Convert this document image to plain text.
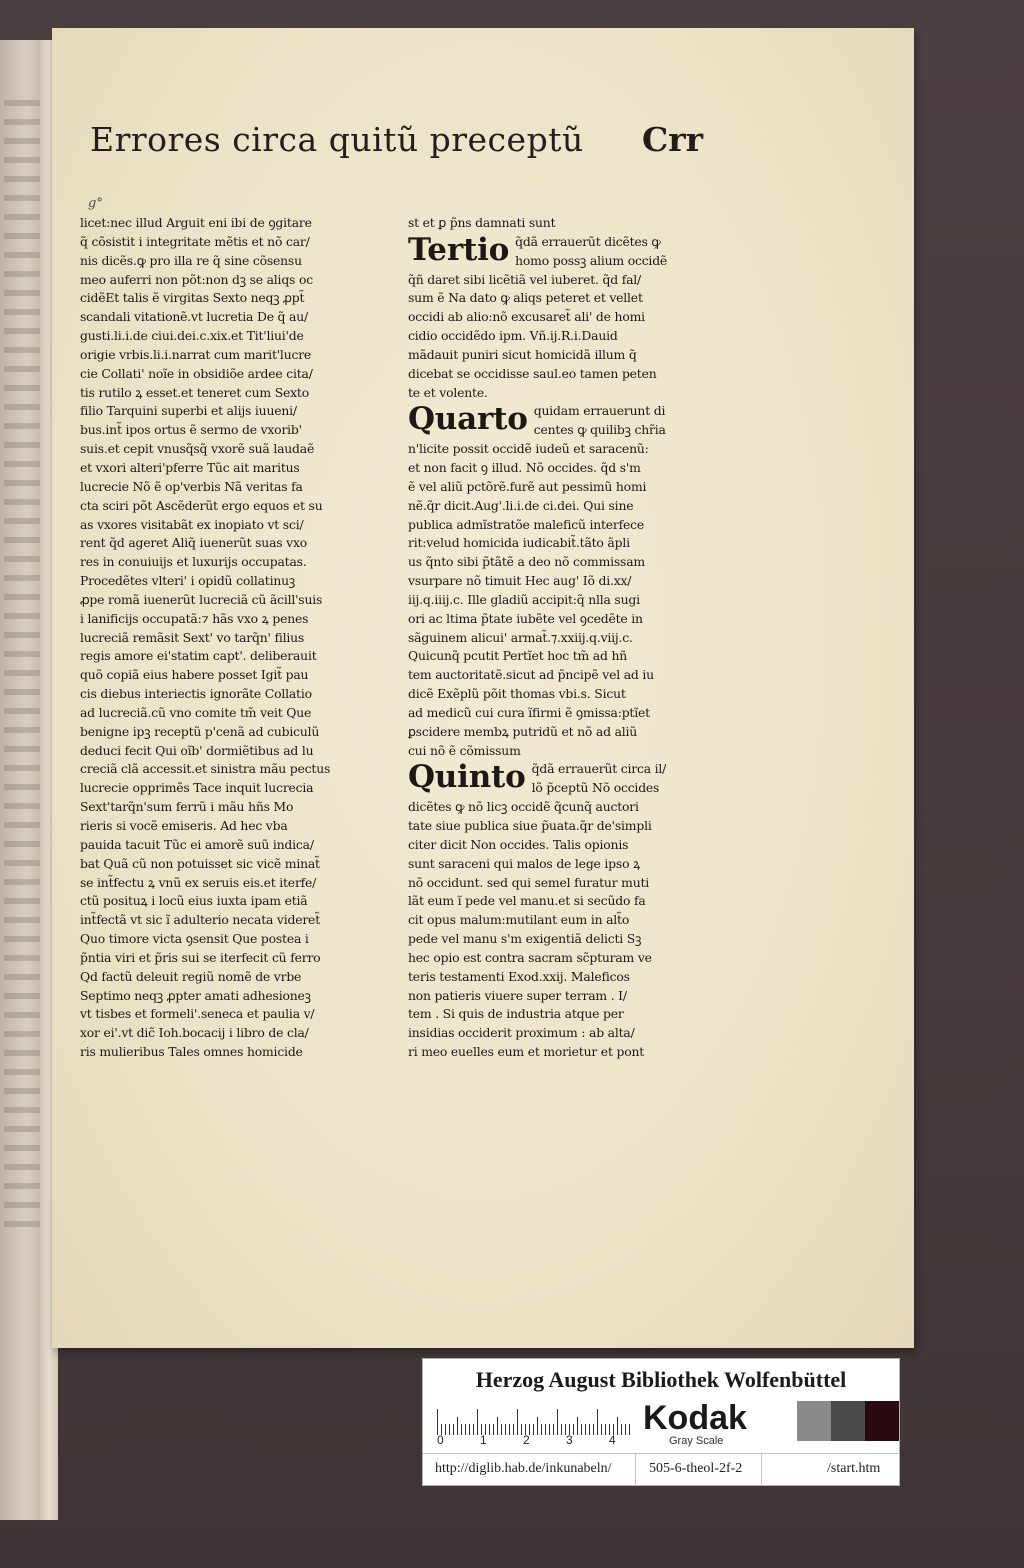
Errores circa quitũ preceptũ	Crr
g°
licet:nec illud Arguit eni ibi de ꝯgitare
q̃ cõsistit i integritate mẽtis et nõ car/
nis dicẽs.ꝙ pro illa re q̃ sine cõsensu
meo auferri non põt:non dꝫ se aliqs oc
cidẽEt talis ẽ virgitas Sexto neqꝫ ꝓpt̃
scandali vitationẽ.vt lucretia De q̃ au/
gusti.li.i.de ciui.dei.c.xix.et Tit'liui'de
origie vrbis.li.i.narrat cum marit'lucre
cie Collati' noĩe in obsidiõe ardee cita/
tis rutilo ꝝ esset.et teneret cum Sexto
filio Tarquini superbi et alijs iuueni/
bus.int̃ ipos ortus ẽ sermo de vxorib'
suis.et cepit vnusq̃sq̃ vxorẽ suã laudaẽ
et vxori alteri'pferre Tũc ait maritus
lucrecie Nõ ẽ op'verbis Nã veritas fa
cta sciri põt Ascẽderũt ergo equos et su
as vxores visitabãt ex inopiato vt sci/
rent q̃d ageret Aliq̃ iuenerũt suas vxo
res in conuiuijs et luxurijs occupatas.
Procedẽtes vlteri' i opidũ collatinuꝫ
ꝓpe romã iuenerũt lucreciã cũ ãcill'suis
i lanificijs occupatã:⁊ hãs vxo ꝝ penes
lucreciã remãsit Sext' vo tarq̃n' filius
regis amore ei'statim capt'. deliberauit
quõ copiã eius habere posset Igit̃ pau
cis diebus interiectis ignorãte Collatio
ad lucreciã.cũ vno comite tm̃ veit Que
benigne ipꝫ receptũ p'cenã ad cubiculũ
deduci fecit Qui oĩb' dormiẽtibus ad lu
creciã clã accessit.et sinistra mãu pectus
lucrecie opprimẽs Tace inquit lucrecia
Sext'tarq̃n'sum ferrũ i mãu hñs Mo
rieris si vocẽ emiseris. Ad hec vba
pauida tacuit Tũc ei amorẽ suũ indica/
bat Quã cũ non potuisset sic vicẽ minat̃
se int̃fectu ꝝ vnũ ex seruis eis.et iterfe/
ctũ posituꝝ i locũ eius iuxta ipam etiã
int̃fectã vt sic ĩ adulterio necata videret̃
Quo timore victa ꝯsensit Que postea i
p̃ntia viri et p̃ris sui se iterfecit cũ ferro
Qd factũ deleuit regiũ nomẽ de vrbe
Septimo neqꝫ ꝓpter amati adhesioneꝫ
vt tisbes et formeli'.seneca et paulia v/
xor ei'.vt dic̃ Ioh.bocacij i libro de cla/
ris mulieribus Tales omnes homicide
st et ꝑ p̃ns damnati sunt
Tertio q̃dã errauerũt dicẽtes ꝙ
homo possꝫ alium occidẽ
q̃ñ daret sibi licẽtiã vel iuberet. q̃d fal/
sum ẽ Na dato ꝙ aliqs peteret et vellet
occidi ab alio:nõ excusaret̃ ali' de homi
cidio occidẽdo ipm. Vñ.ij.R.i.Dauid
mãdauit puniri sicut homicidã illum q̃
dicebat se occidisse saul.eo tamen peten
te et volente.
Quarto quidam errauerunt di
centes ꝙ quilibꝫ chr̃ia
n'licite possit occidẽ iudeũ et saracenũ:
et non facit ꝯ illud. Nõ occides. q̃d s'm
ẽ vel aliũ pctõrẽ.furẽ aut pessimũ homi
nẽ.q̃r dicit.Aug'.li.i.de ci.dei. Qui sine
publica admĩstratõe maleficũ interfece
rit:velud homicida iudicabit̃.tãto ãpli
us q̃nto sibi p̃tãtẽ a deo nõ commissam
vsurpare nõ timuit Hec aug' Iõ di.xx/
iij.q.iiij.c. Ille gladiũ accipit:q̃ nlla sugi
ori ac ltima p̃tate iubẽte vel ꝯcedẽte in
sãguinem alicui' armat̃.⁊.xxiij.q.viij.c.
Quicunq̃ pcutit Pertĩet hoc tm̃ ad hñ
tem auctoritatẽ.sicut ad p̃ncipẽ vel ad iu
dicẽ Exẽplũ põit thomas vbi.s. Sicut
ad medicũ cui cura ĩfirmi ẽ ꝯmissa:ptĩet
ꝑscidere membꝝ putridũ et nõ ad aliũ
cui nõ ẽ cõmissum
Quinto q̃dã errauerũt circa il/
lõ p̃ceptũ Nõ occides
dicẽtes ꝙ nõ licꝫ occidẽ q̃cunq̃ auctori
tate siue publica siue p̃uata.q̃r de'simpli
citer dicit Non occides. Talis opionis
sunt saraceni qui malos de lege ipso ꝝ
nõ occidunt. sed qui semel furatur muti
lãt eum ĩ pede vel manu.et si secũdo fa
cit opus malum:mutilant eum in alt̃o
pede vel manu s'm exigentiã delicti Sꝫ
hec opio est contra sacram sc̃pturam ve
teris testamenti Exod.xxij. Maleficos
non patieris viuere super terram . I/
tem . Si quis de industria atque per
insidias occiderit proximum : ab alta/
ri meo euelles eum et morietur et pont
Herzog August Bibliothek Wolfenbüttel
0	1	2	3	4
Kodak
Gray Scale
http://diglib.hab.de/inkunabeln/	505-6-theol-2f-2	/start.htm
